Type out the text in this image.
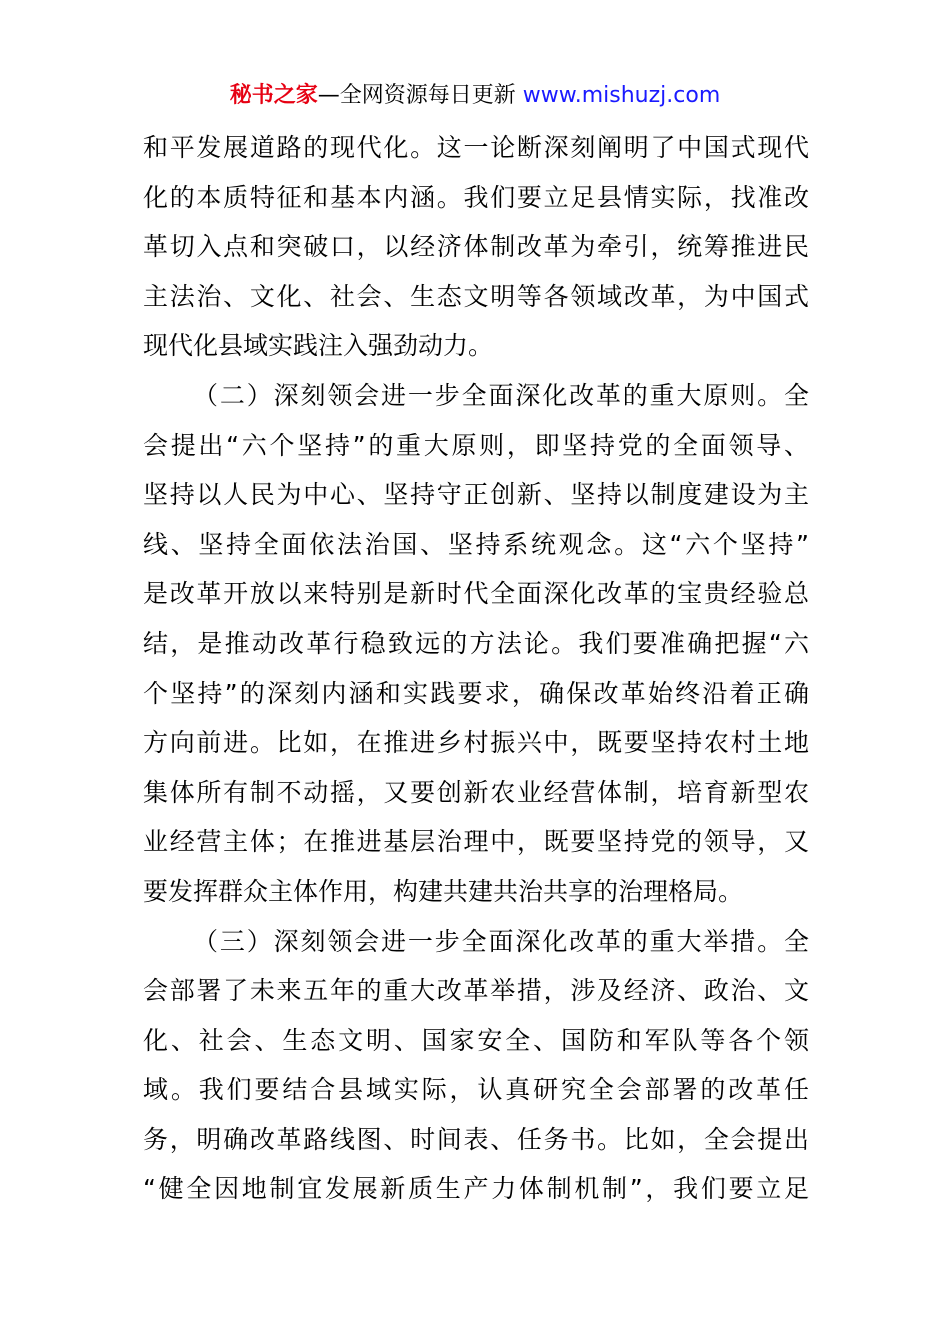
秘书之家—全网资源每日更新 www.mishuzj.com
和平发展道路的现代化。这一论断深刻阐明了中国式现代
化的本质特征和基本内涵。我们要立足县情实际，找准改
革切入点和突破口，以经济体制改革为牵引，统筹推进民
主法治、文化、社会、生态文明等各领域改革，为中国式
现代化县域实践注入强劲动力。
（二）深刻领会进一步全面深化改革的重大原则。全
会提出“六个坚持”的重大原则，即坚持党的全面领导、
坚持以人民为中心、坚持守正创新、坚持以制度建设为主
线、坚持全面依法治国、坚持系统观念。这“六个坚持”
是改革开放以来特别是新时代全面深化改革的宝贵经验总
结，是推动改革行稳致远的方法论。我们要准确把握“六
个坚持”的深刻内涵和实践要求，确保改革始终沿着正确
方向前进。比如，在推进乡村振兴中，既要坚持农村土地
集体所有制不动摇，又要创新农业经营体制，培育新型农
业经营主体；在推进基层治理中，既要坚持党的领导，又
要发挥群众主体作用，构建共建共治共享的治理格局。
（三）深刻领会进一步全面深化改革的重大举措。全
会部署了未来五年的重大改革举措，涉及经济、政治、文
化、社会、生态文明、国家安全、国防和军队等各个领
域。我们要结合县域实际，认真研究全会部署的改革任
务，明确改革路线图、时间表、任务书。比如，全会提出
“健全因地制宜发展新质生产力体制机制”，我们要立足
